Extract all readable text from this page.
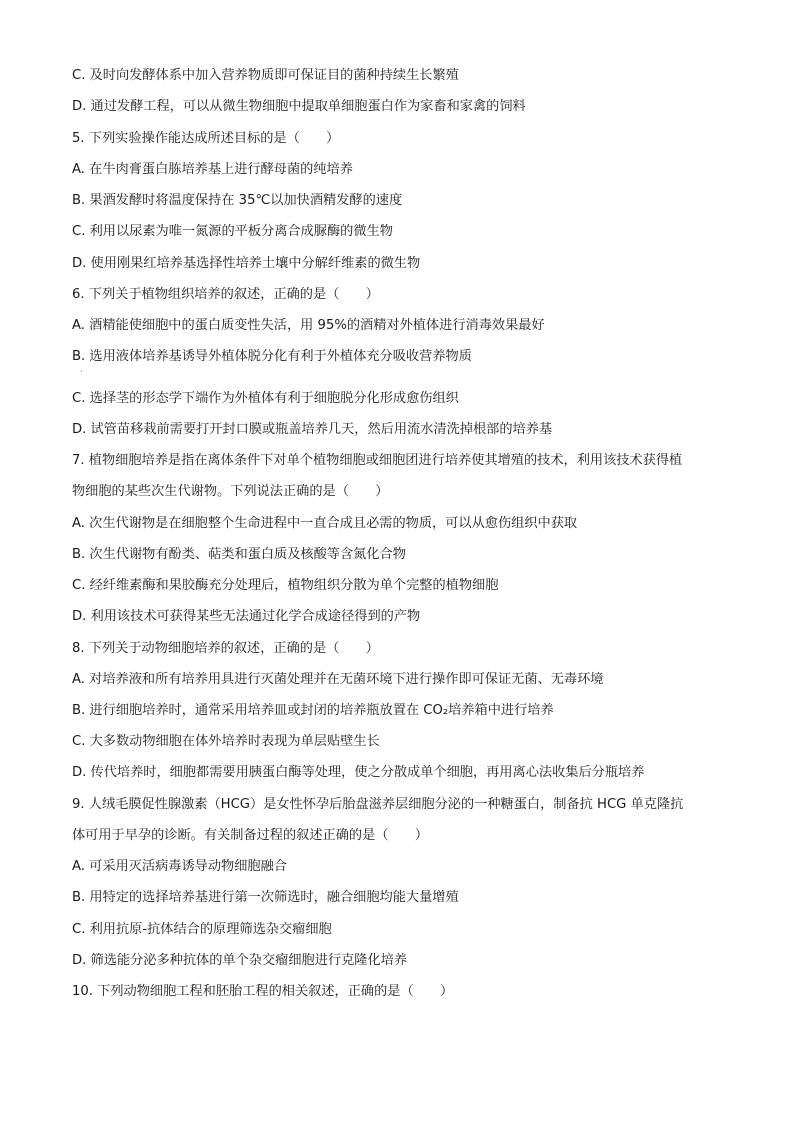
C. 及时向发酵体系中加入营养物质即可保证目的菌种持续生长繁殖
D. 通过发酵工程，可以从微生物细胞中提取单细胞蛋白作为家畜和家禽的饲料
5. 下列实验操作能达成所述目标的是（　　）
A. 在牛肉膏蛋白胨培养基上进行酵母菌的纯培养
B. 果酒发酵时将温度保持在 35℃以加快酒精发酵的速度
C. 利用以尿素为唯一氮源的平板分离合成脲酶的微生物
D. 使用刚果红培养基选择性培养土壤中分解纤维素的微生物
6. 下列关于植物组织培养的叙述，正确的是（　　）
A. 酒精能使细胞中的蛋白质变性失活，用 95%的酒精对外植体进行消毒效果最好
B. 选用液体培养基诱导外植体脱分化有利于外植体充分吸收营养物质
·
C. 选择茎的形态学下端作为外植体有利于细胞脱分化形成愈伤组织
D. 试管苗移栽前需要打开封口膜或瓶盖培养几天，然后用流水清洗掉根部的培养基
7. 植物细胞培养是指在离体条件下对单个植物细胞或细胞团进行培养使其增殖的技术，利用该技术获得植
物细胞的某些次生代谢物。下列说法正确的是（　　）
A. 次生代谢物是在细胞整个生命进程中一直合成且必需的物质，可以从愈伤组织中获取
B. 次生代谢物有酚类、萜类和蛋白质及核酸等含氮化合物
C. 经纤维素酶和果胶酶充分处理后，植物组织分散为单个完整的植物细胞
D. 利用该技术可获得某些无法通过化学合成途径得到的产物
8. 下列关于动物细胞培养的叙述，正确的是（　　）
A. 对培养液和所有培养用具进行灭菌处理并在无菌环境下进行操作即可保证无菌、无毒环境
B. 进行细胞培养时，通常采用培养皿或封闭的培养瓶放置在 CO₂培养箱中进行培养
C. 大多数动物细胞在体外培养时表现为单层贴壁生长
D. 传代培养时，细胞都需要用胰蛋白酶等处理，使之分散成单个细胞，再用离心法收集后分瓶培养
9. 人绒毛膜促性腺激素（HCG）是女性怀孕后胎盘滋养层细胞分泌的一种糖蛋白，制备抗 HCG 单克隆抗
体可用于早孕的诊断。有关制备过程的叙述正确的是（　　）
A. 可采用灭活病毒诱导动物细胞融合
B. 用特定的选择培养基进行第一次筛选时，融合细胞均能大量增殖
C. 利用抗原-抗体结合的原理筛选杂交瘤细胞
D. 筛选能分泌多种抗体的单个杂交瘤细胞进行克隆化培养
10. 下列动物细胞工程和胚胎工程的相关叙述，正确的是（　　）
